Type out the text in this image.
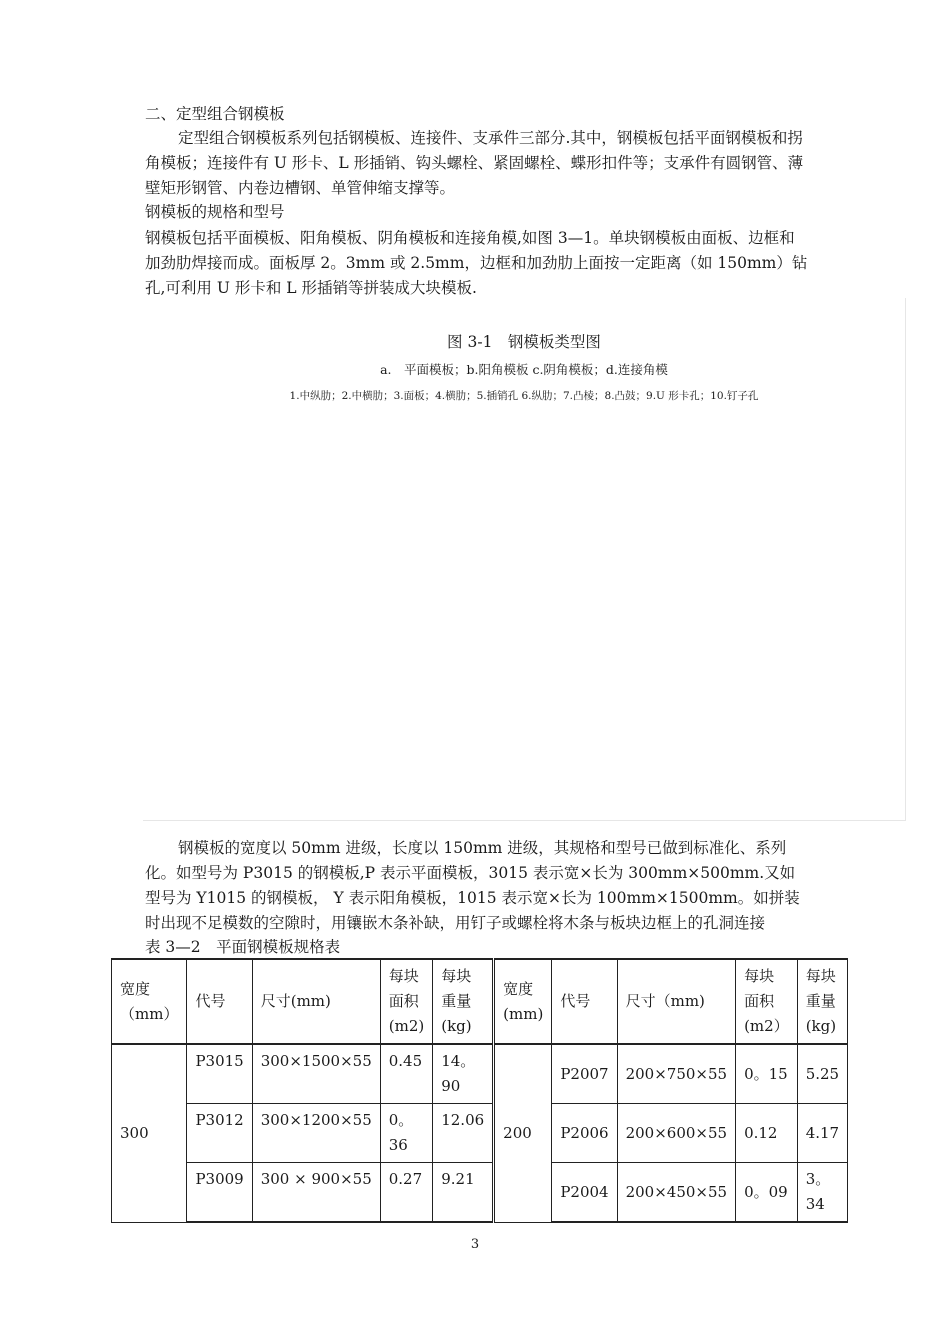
二、定型组合钢模板
定型组合钢模板系列包括钢模板、连接件、支承件三部分.其中，钢模板包括平面钢模板和拐角模板；连接件有 U 形卡、L 形插销、钩头螺栓、紧固螺栓、蝶形扣件等；支承件有圆钢管、薄壁矩形钢管、内卷边槽钢、单管伸缩支撑等。
钢模板的规格和型号
钢模板包括平面模板、阳角模板、阴角模板和连接角模,如图 3—1。单块钢模板由面板、边框和加劲肋焊接而成。面板厚 2。3mm 或 2.5mm，边框和加劲肋上面按一定距离（如 150mm）钻孔,可利用 U 形卡和 L 形插销等拼装成大块模板.
图 3-1　钢模板类型图
a.　平面模板；b.阳角模板 c.阴角模板；d.连接角模
1.中纵肋；2.中横肋；3.面板；4.横肋；5.插销孔 6.纵肋；7.凸棱；8.凸鼓；9.U 形卡孔；10.钉子孔
钢模板的宽度以 50mm 进级，长度以 150mm 进级，其规格和型号已做到标准化、系列化。如型号为 P3015 的钢模板,P 表示平面模板，3015 表示宽×长为 300mm×500mm.又如型号为 Y1015 的钢模板， Y 表示阳角模板，1015 表示宽×长为 100mm×1500mm。如拼装时出现不足模数的空隙时，用镶嵌木条补缺，用钉子或螺栓将木条与板块边框上的孔洞连接
表 3—2　平面钢模板规格表
宽度（mm）	代号	尺寸(mm)	每块面积(m2)	每块重量(kg)	宽度(mm)	代号	尺寸（mm)	每块面积(m2）	每块重量(kg)
300	P3015	300×1500×55	0.45	14。90	200	P2007	200×750×55	0。15	5.25
	P3012	300×1200×55	0。36	12.06		P2006	200×600×55	0.12	4.17
	P3009	300 × 900×55	0.27	9.21		P2004	200×450×55	0。09	3。34
3
